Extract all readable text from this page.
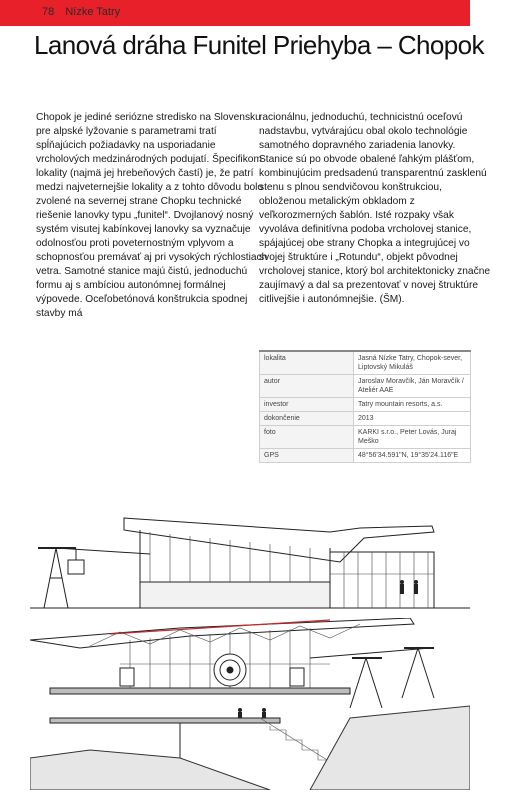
78 Nízke Tatry
Lanová dráha Funitel Priehyba – Chopok

Chopok je jediné seriózne stredisko na Slovensku pre alpské lyžovanie s parametrami tratí spĺňajúcich požiadavky na usporiadanie vrcholových medzinárodných podujatí. Špecifikom lokality (najmä jej hrebeňových častí) je, že patrí medzi najveternejšie lokality a z tohto dôvodu bolo zvolené na severnej strane Chopku technické riešenie lanovky typu „funitel“. Dvojlanový nosný systém visutej kabínkovej lanovky sa vyznačuje odolnosťou proti poveternostným vplyvom a schopnosťou premávať aj pri vysokých rýchlostiach vetra. Samotné stanice majú čistú, jednoduchú formu aj s ambíciou autonómnej formálnej výpovede. Oceľobetónová konštrukcia spodnej stavby má

racionálnu, jednoduchú, technicistnú oceľovú nadstavbu, vytvárajúcu obal okolo technológie samotného dopravného zariadenia lanovky. Stanice sú po obvode obalené ľahkým plášťom, kombinujúcim predsadenú transparentnú zasklenú stenu s plnou sendvičovou konštrukciou, obloženou metalickým obkladom z veľkorozmerných šablón. Isté rozpaky však vyvoláva definitívna podoba vrcholovej stanice, spájajúcej obe strany Chopka a integrujúcej vo svojej štruktúre i „Rotundu“, objekt pôvodnej vrcholovej stanice, ktorý bol architektonicky značne zaujímavý a dal sa prezentovať v novej štruktúre citlivejšie i autonómnejšie. (ŠM).

lokalita	Jasná Nízke Tatry, Chopok-sever, Liptovský Mikuláš
autor	Jaroslav Moravčík, Ján Moravčík / Ateliér AAE
investor	Tatry mountain resorts, a.s.
dokončenie	2013
foto	KARKI s.r.o., Peter Lovás, Juraj Meško
GPS	48°56'34.591"N, 19°35'24.116"E
